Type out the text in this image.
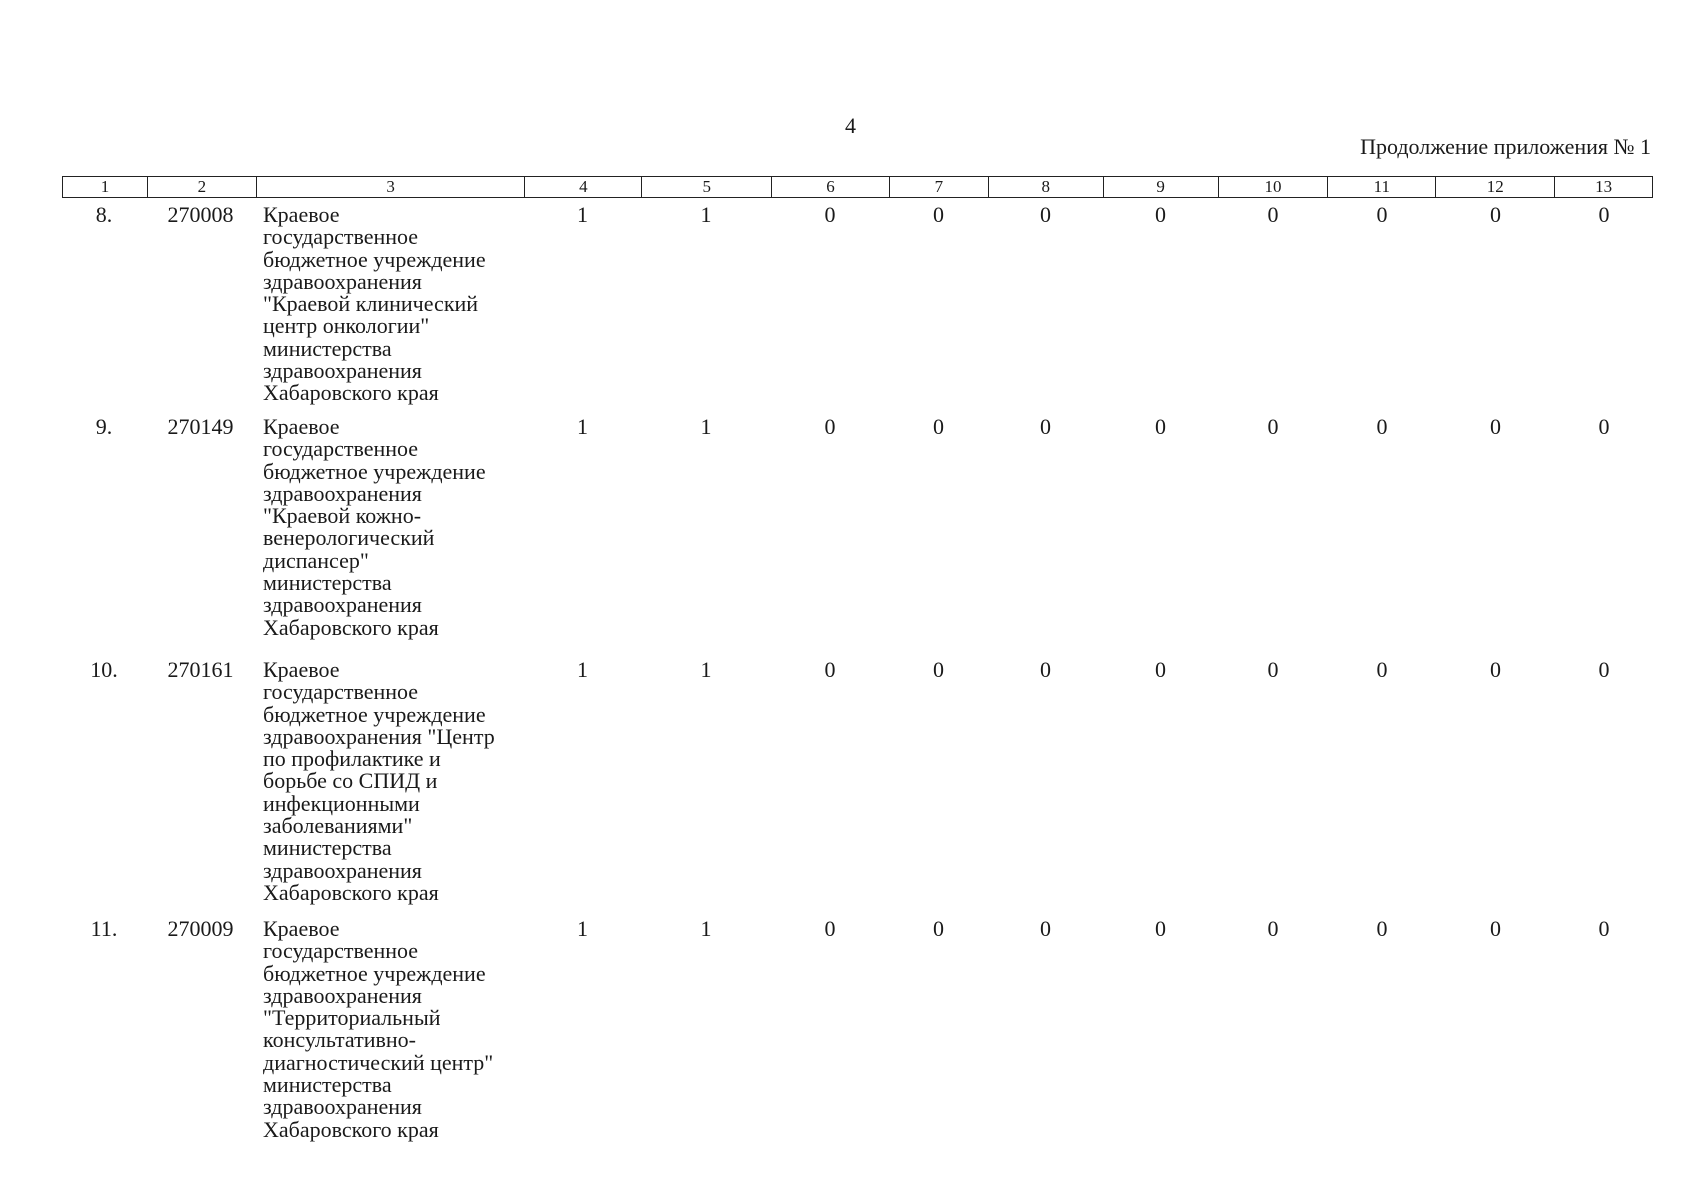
4
Продолжение приложения № 1
1	2	3	4	5	6	7	8	9	10	11	12	13
8.	270008	Краевое
государственное
бюджетное учреждение
здравоохранения
"Краевой клинический
центр онкологии"
министерства
здравоохранения
Хабаровского края
1	1	0	0	0	0	0	0	0	0
9.	270149	Краевое
государственное
бюджетное учреждение
здравоохранения
"Краевой кожно-
венерологический
диспансер"
министерства
здравоохранения
Хабаровского края
1	1	0	0	0	0	0	0	0	0
10.	270161	Краевое
государственное
бюджетное учреждение
здравоохранения "Центр
по профилактике и
борьбе со СПИД и
инфекционными
заболеваниями"
министерства
здравоохранения
Хабаровского края
1	1	0	0	0	0	0	0	0	0
11.	270009	Краевое
государственное
бюджетное учреждение
здравоохранения
"Территориальный
консультативно-
диагностический центр"
министерства
здравоохранения
Хабаровского края
1	1	0	0	0	0	0	0	0	0
